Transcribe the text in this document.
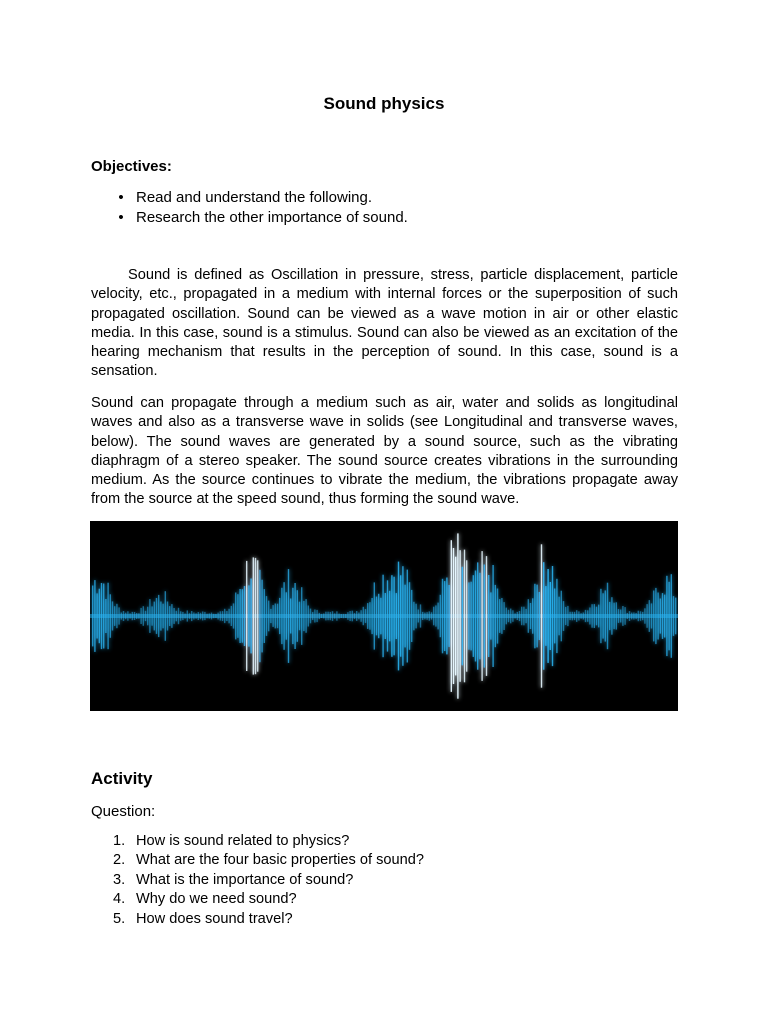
Sound physics
Objectives:
• Read and understand the following.
• Research the other importance of sound.

Sound is defined as Oscillation in pressure, stress, particle displacement, particle velocity, etc., propagated in a medium with internal forces or the superposition of such propagated oscillation. Sound can be viewed as a wave motion in air or other elastic media. In this case, sound is a stimulus. Sound can also be viewed as an excitation of the hearing mechanism that results in the perception of sound. In this case, sound is a sensation.

Sound can propagate through a medium such as air, water and solids as longitudinal waves and also as a transverse wave in solids (see Longitudinal and transverse waves, below). The sound waves are generated by a sound source, such as the vibrating diaphragm of a stereo speaker. The sound source creates vibrations in the surrounding medium. As the source continues to vibrate the medium, the vibrations propagate away from the source at the speed sound, thus forming the sound wave.

Activity
Question:
1. How is sound related to physics?
2. What are the four basic properties of sound?
3. What is the importance of sound?
4. Why do we need sound?
5. How does sound travel?
